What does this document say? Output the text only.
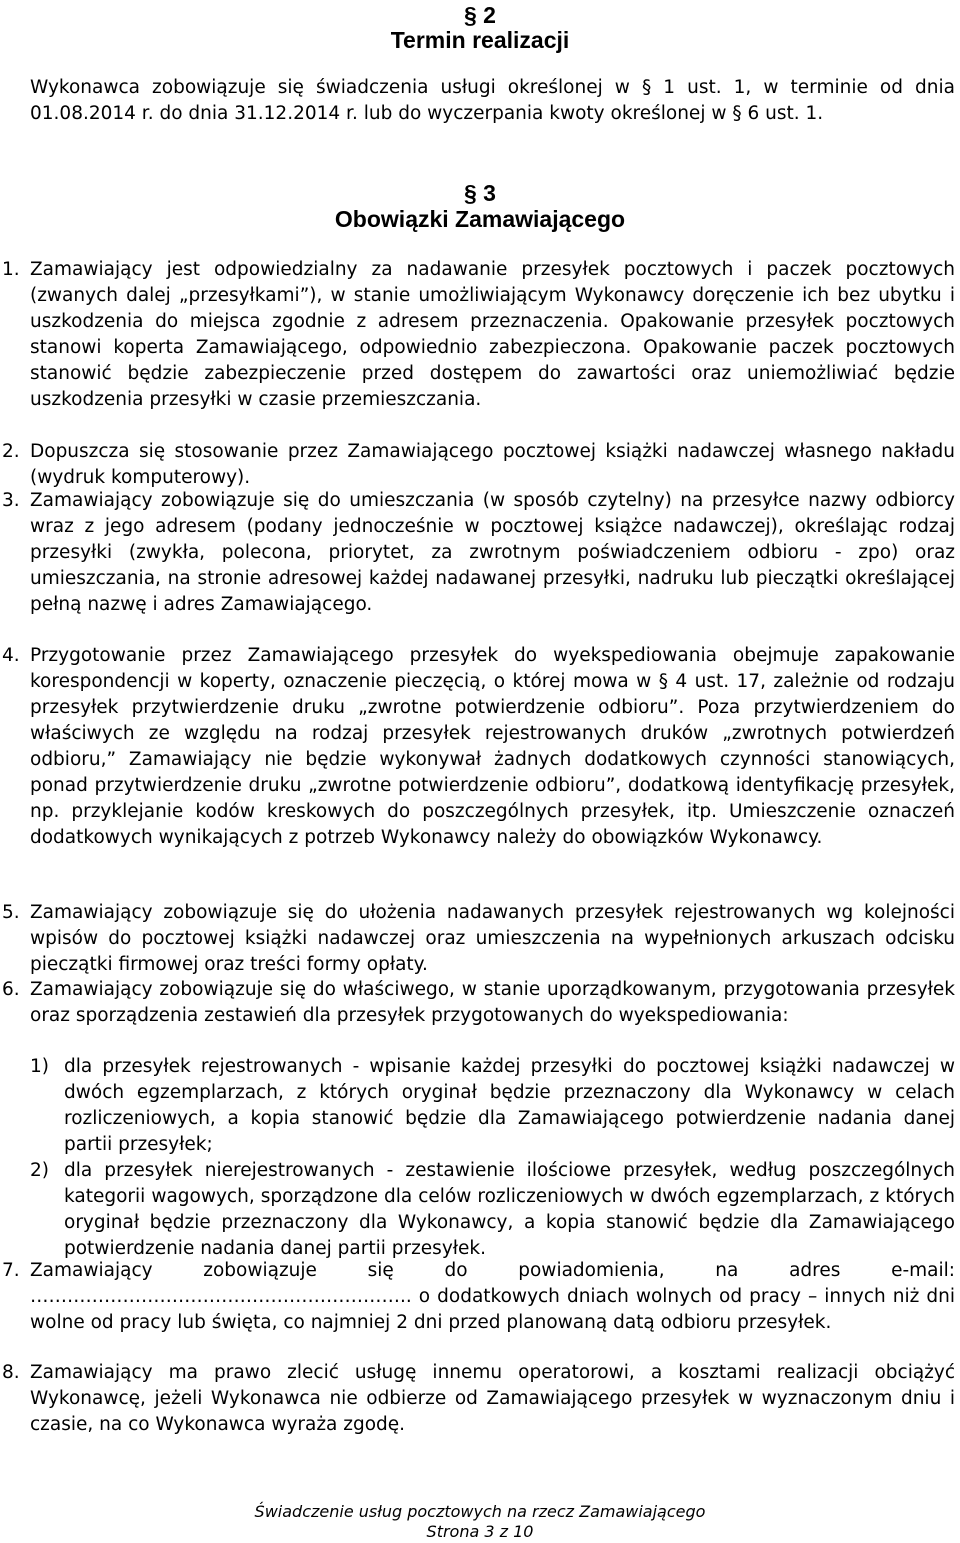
§ 2
Termin realizacji

Wykonawca zobowiązuje się świadczenia usługi określonej w § 1 ust. 1, w terminie od dnia 01.08.2014 r. do dnia 31.12.2014 r. lub do wyczerpania kwoty określonej w § 6 ust. 1.

§ 3
Obowiązki Zamawiającego
1. Zamawiający jest odpowiedzialny za nadawanie przesyłek pocztowych i paczek pocztowych (zwanych dalej „przesyłkami”), w stanie umożliwiającym Wykonawcy doręczenie ich bez ubytku i uszkodzenia do miejsca zgodnie z adresem przeznaczenia. Opakowanie przesyłek pocztowych stanowi koperta Zamawiającego, odpowiednio zabezpieczona. Opakowanie paczek pocztowych stanowić będzie zabezpieczenie przed dostępem do zawartości oraz uniemożliwiać będzie uszkodzenia przesyłki w czasie przemieszczania.

2. Dopuszcza się stosowanie przez Zamawiającego pocztowej książki nadawczej własnego nakładu (wydruk komputerowy).

3. Zamawiający zobowiązuje się do umieszczania (w sposób czytelny) na przesyłce nazwy odbiorcy wraz z jego adresem (podany jednocześnie w pocztowej książce nadawczej), określając rodzaj przesyłki (zwykła, polecona, priorytet, za zwrotnym poświadczeniem odbioru - zpo) oraz umieszczania, na stronie adresowej każdej nadawanej przesyłki, nadruku lub pieczątki określającej pełną nazwę i adres Zamawiającego.

4. Przygotowanie przez Zamawiającego przesyłek do wyekspediowania obejmuje zapakowanie korespondencji w koperty, oznaczenie pieczęcią, o której mowa w § 4 ust. 17, zależnie od rodzaju przesyłek przytwierdzenie druku „zwrotne potwierdzenie odbioru”. Poza przytwierdzeniem do właściwych ze względu na rodzaj przesyłek rejestrowanych druków „zwrotnych potwierdzeń odbioru,” Zamawiający nie będzie wykonywał żadnych dodatkowych czynności stanowiących, ponad przytwierdzenie druku „zwrotne potwierdzenie odbioru”, dodatkową identyfikację przesyłek, np. przyklejanie kodów kreskowych do poszczególnych przesyłek, itp. Umieszczenie oznaczeń dodatkowych wynikających z potrzeb Wykonawcy należy do obowiązków Wykonawcy.

5. Zamawiający zobowiązuje się do ułożenia nadawanych przesyłek rejestrowanych wg kolejności wpisów do pocztowej książki nadawczej oraz umieszczenia na wypełnionych arkuszach odcisku pieczątki firmowej oraz treści formy opłaty.

6. Zamawiający zobowiązuje się do właściwego, w stanie uporządkowanym, przygotowania przesyłek oraz sporządzenia zestawień dla przesyłek przygotowanych do wyekspediowania:

1) dla przesyłek rejestrowanych - wpisanie każdej przesyłki do pocztowej książki nadawczej w dwóch egzemplarzach, z których oryginał będzie przeznaczony dla Wykonawcy w celach rozliczeniowych, a kopia stanowić będzie dla Zamawiającego potwierdzenie nadania danej partii przesyłek;

2) dla przesyłek nierejestrowanych - zestawienie ilościowe przesyłek, według poszczególnych kategorii wagowych, sporządzone dla celów rozliczeniowych w dwóch egzemplarzach, z których oryginał będzie przeznaczony dla Wykonawcy, a kopia stanowić będzie dla Zamawiającego potwierdzenie nadania danej partii przesyłek.

7. Zamawiający zobowiązuje się do powiadomienia, na adres e-mail: …………………………………………………….. o dodatkowych dniach wolnych od pracy – innych niż dni wolne od pracy lub święta, co najmniej 2 dni przed planowaną datą odbioru przesyłek.

8. Zamawiający ma prawo zlecić usługę innemu operatorowi, a kosztami realizacji obciążyć Wykonawcę, jeżeli Wykonawca nie odbierze od Zamawiającego przesyłek w wyznaczonym dniu i czasie, na co Wykonawca wyraża zgodę.

Świadczenie usług pocztowych na rzecz Zamawiającego
Strona 3 z 10
